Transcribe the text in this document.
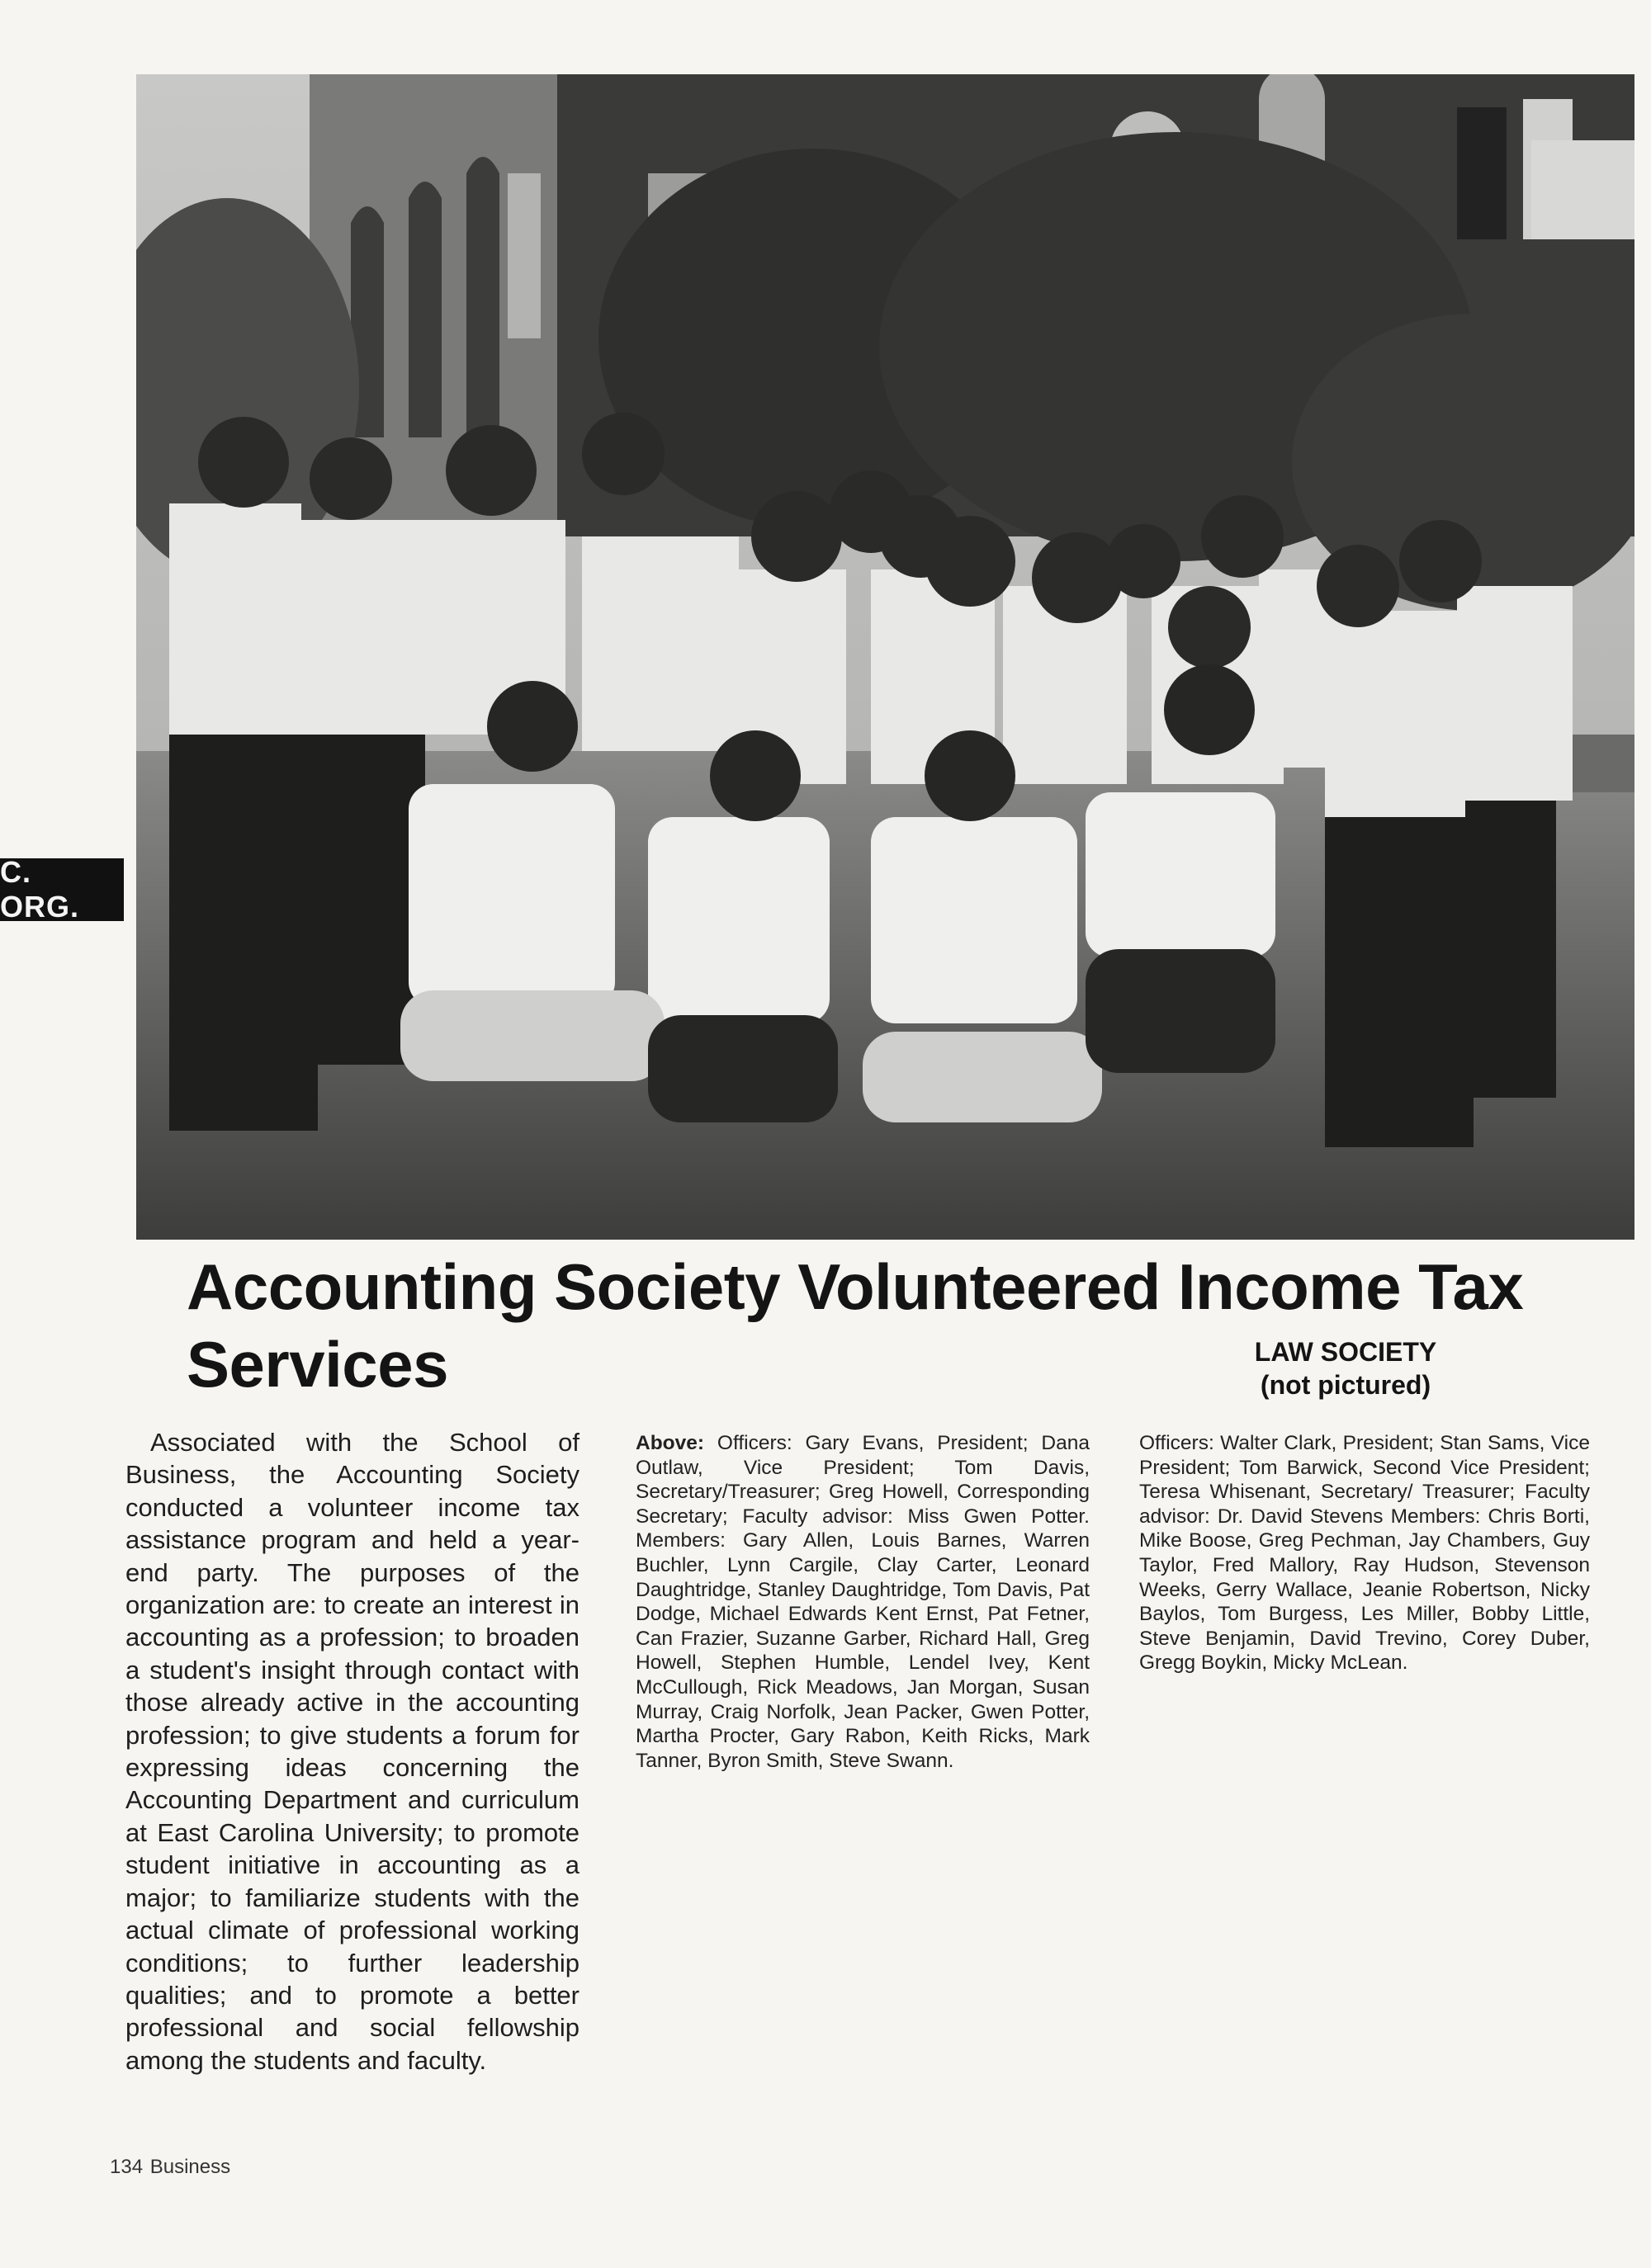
C. ORG.
Accounting Society Volunteered Income Tax Services	LAW SOCIETY
(not pictured)

Associated with the School of Business, the Accounting Society conducted a volunteer income tax assistance program and held a year-end party. The purposes of the organization are: to create an interest in accounting as a profession; to broaden a student's insight through contact with those already active in the accounting profession; to give students a forum for expressing ideas concerning the Accounting Department and curriculum at East Carolina University; to promote student initiative in accounting as a major; to familiarize students with the actual climate of professional working conditions; to further leadership qualities; and to promote a better professional and social fellowship among the students and faculty.

Above: Officers: Gary Evans, President; Dana Outlaw, Vice President; Tom Davis, Secretary/Treasurer; Greg Howell, Corresponding Secretary; Faculty advisor: Miss Gwen Potter. Members: Gary Allen, Louis Barnes, Warren Buchler, Lynn Cargile, Clay Carter, Leonard Daughtridge, Stanley Daughtridge, Tom Davis, Pat Dodge, Michael Edwards Kent Ernst, Pat Fetner, Can Frazier, Suzanne Garber, Richard Hall, Greg Howell, Stephen Humble, Lendel Ivey, Kent McCullough, Rick Meadows, Jan Morgan, Susan Murray, Craig Norfolk, Jean Packer, Gwen Potter, Martha Procter, Gary Rabon, Keith Ricks, Mark Tanner, Byron Smith, Steve Swann.

Officers: Walter Clark, President; Stan Sams, Vice President; Tom Barwick, Second Vice President; Teresa Whisenant, Secretary/ Treasurer; Faculty advisor: Dr. David Stevens Members: Chris Borti, Mike Boose, Greg Pechman, Jay Chambers, Guy Taylor, Fred Mallory, Ray Hudson, Stevenson Weeks, Gerry Wallace, Jeanie Robertson, Nicky Baylos, Tom Burgess, Les Miller, Bobby Little, Steve Benjamin, David Trevino, Corey Duber, Gregg Boykin, Micky McLean.

134 Business
